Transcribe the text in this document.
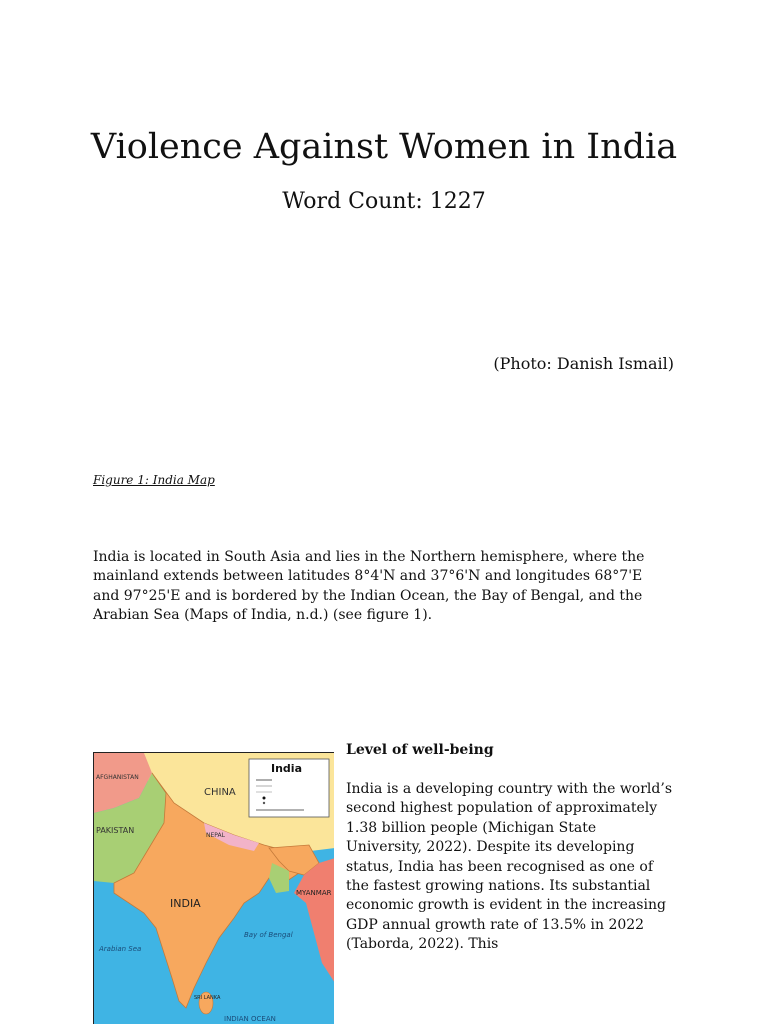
Violence Against Women in India
Word Count: 1227
(Photo: Danish Ismail)
Figure 1: India Map

India is located in South Asia and lies in the Northern hemisphere, where the mainland extends between latitudes 8°4'N and 37°6'N and longitudes 68°7'E and 97°25'E and is bordered by the Indian Ocean, the Bay of Bengal, and the Arabian Sea (Maps of India, n.d.) (see figure 1).

India
CHINA
PAKISTAN
AFGHANISTAN
NEPAL
INDIA
MYANMAR
Bay of Bengal
Arabian Sea
INDIAN OCEAN
SRI LANKA
Level of well-being

India is a developing country with the world’s second highest population of approximately 1.38 billion people (Michigan State University, 2022). Despite its developing status, India has been recognised as one of the fastest growing nations. Its substantial economic growth is evident in the increasing GDP annual growth rate of 13.5% in 2022 (Taborda, 2022). This
